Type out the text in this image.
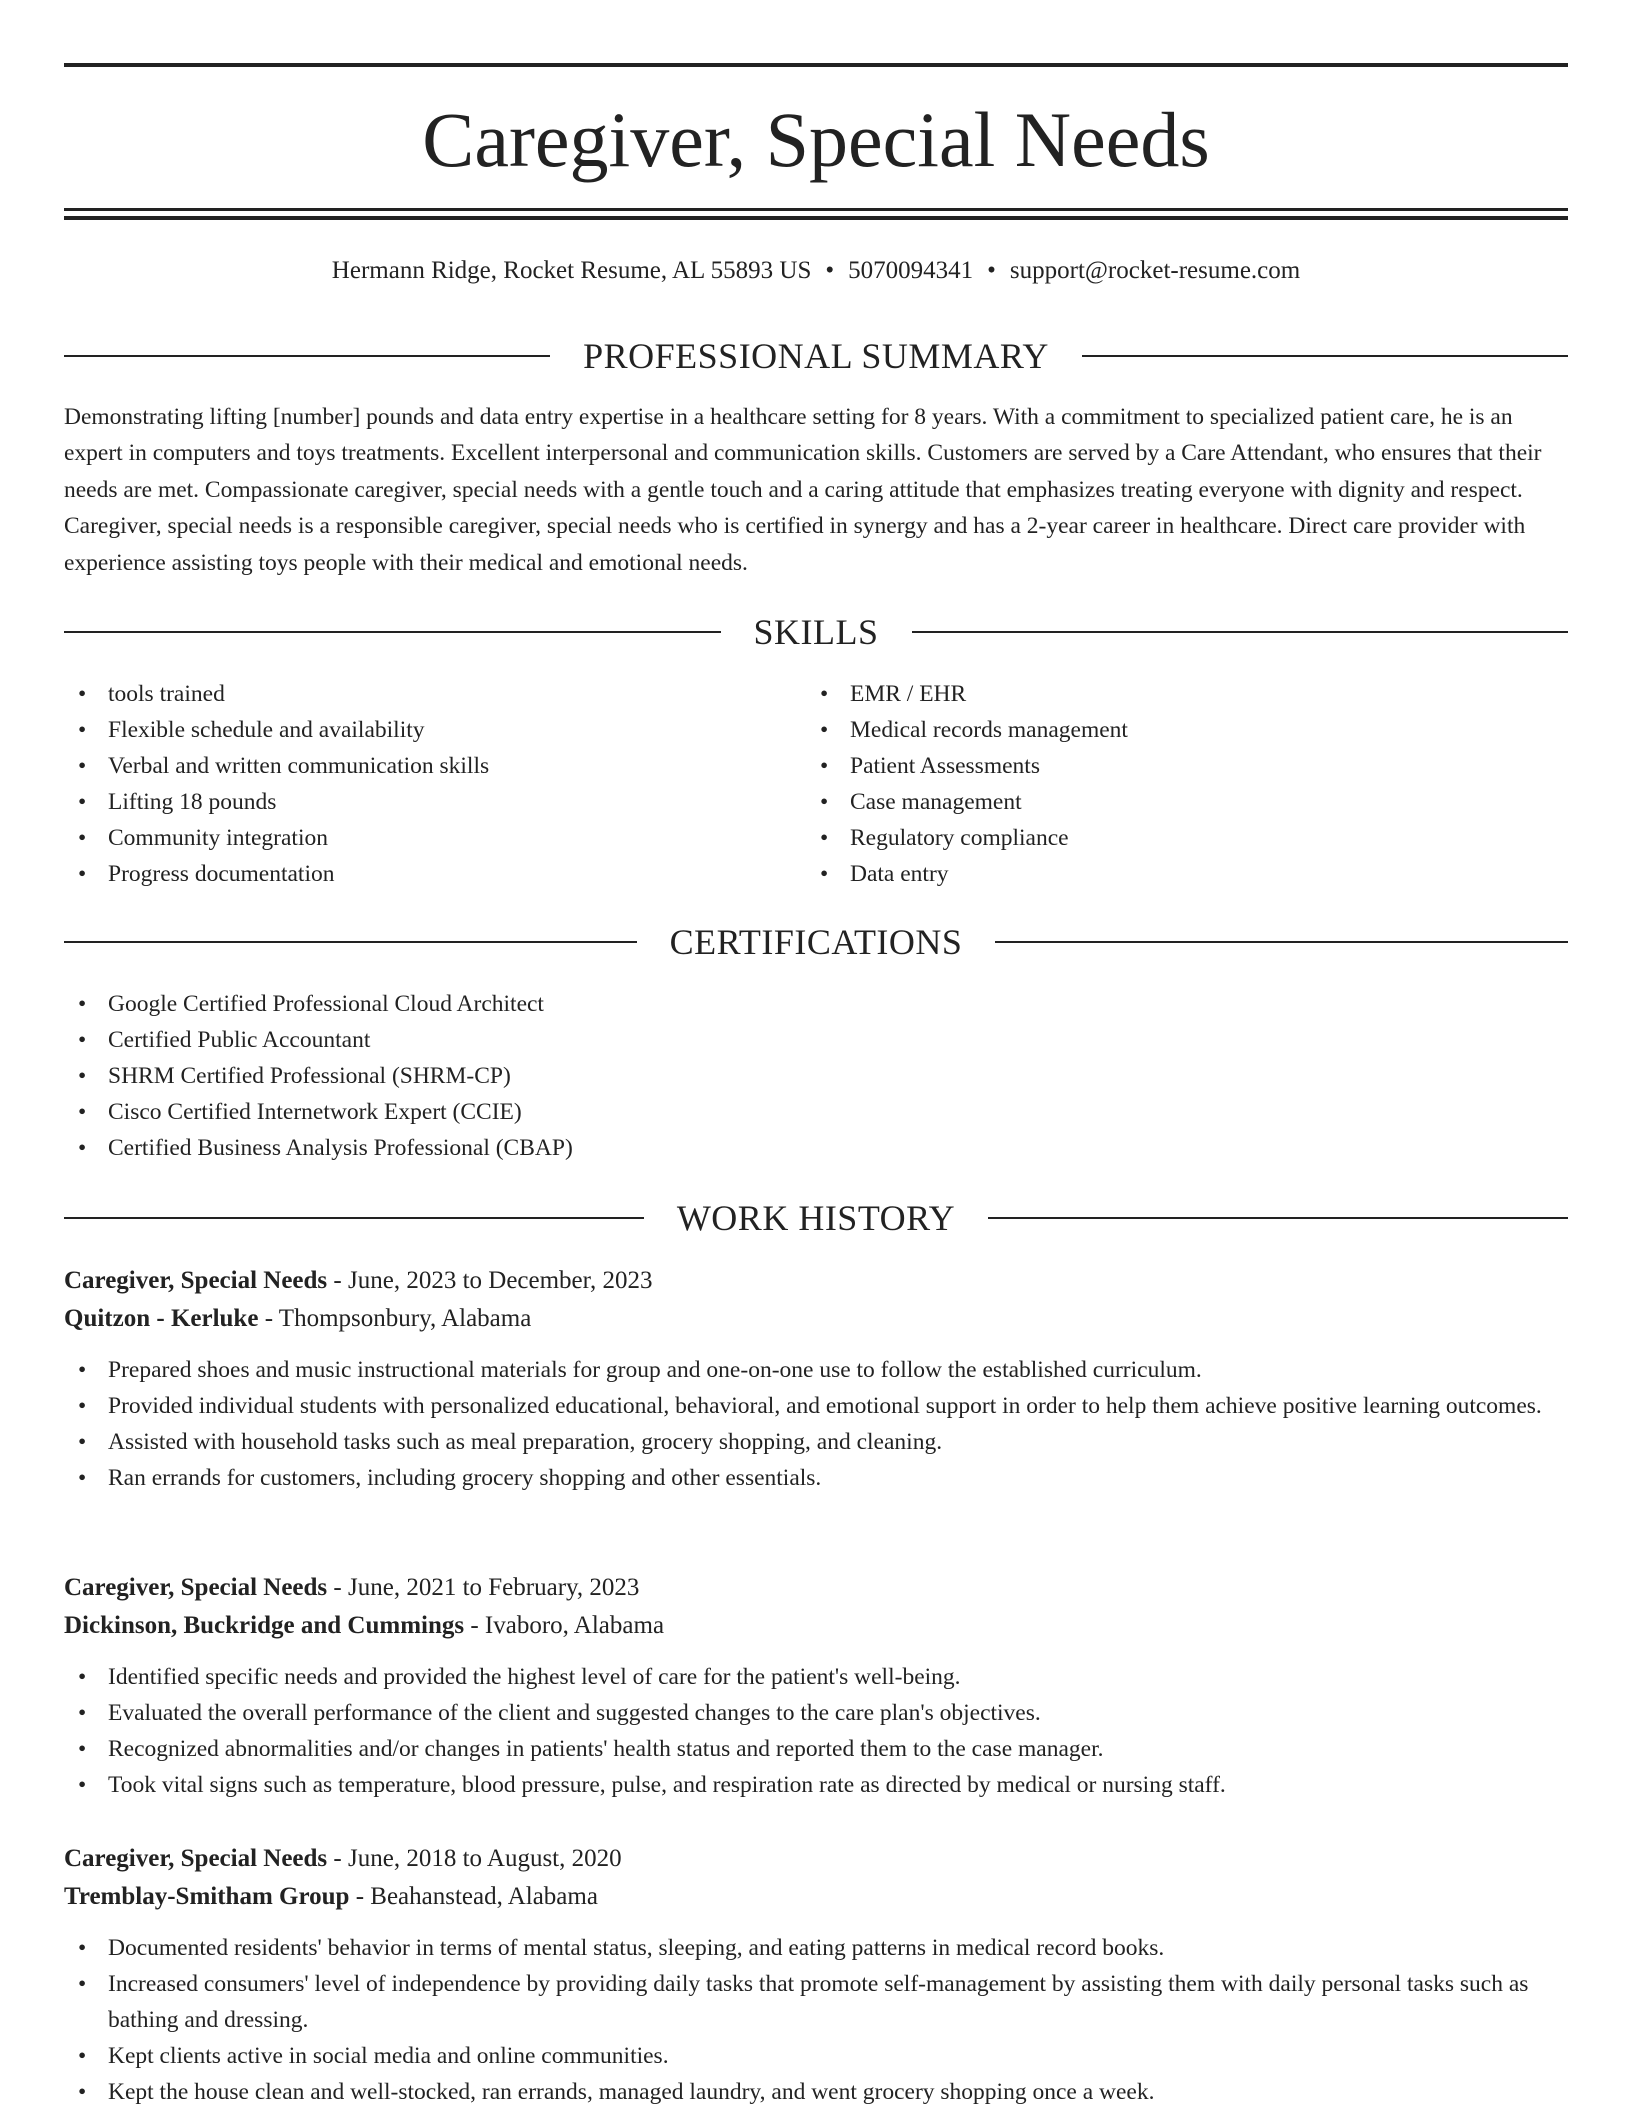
Caregiver, Special Needs
Hermann Ridge, Rocket Resume, AL 55893 US • 5070094341 • support@rocket-resume.com
PROFESSIONAL SUMMARY

Demonstrating lifting [number] pounds and data entry expertise in a healthcare setting for 8 years. With a commitment to specialized patient care, he is an expert in computers and toys treatments. Excellent interpersonal and communication skills. Customers are served by a Care Attendant, who ensures that their needs are met. Compassionate caregiver, special needs with a gentle touch and a caring attitude that emphasizes treating everyone with dignity and respect. Caregiver, special needs is a responsible caregiver, special needs who is certified in synergy and has a 2-year career in healthcare. Direct care provider with experience assisting toys people with their medical and emotional needs.

SKILLS
• tools trained
• Flexible schedule and availability
• Verbal and written communication skills
• Lifting 18 pounds
• Community integration
• Progress documentation
• EMR / EHR
• Medical records management
• Patient Assessments
• Case management
• Regulatory compliance
• Data entry
CERTIFICATIONS
• Google Certified Professional Cloud Architect
• Certified Public Accountant
• SHRM Certified Professional (SHRM-CP)
• Cisco Certified Internetwork Expert (CCIE)
• Certified Business Analysis Professional (CBAP)
WORK HISTORY
Caregiver, Special Needs - June, 2023 to December, 2023
Quitzon - Kerluke - Thompsonbury, Alabama
• Prepared shoes and music instructional materials for group and one-on-one use to follow the established curriculum.
• Provided individual students with personalized educational, behavioral, and emotional support in order to help them achieve positive learning outcomes.
• Assisted with household tasks such as meal preparation, grocery shopping, and cleaning.
• Ran errands for customers, including grocery shopping and other essentials.
Caregiver, Special Needs - June, 2021 to February, 2023
Dickinson, Buckridge and Cummings - Ivaboro, Alabama
• Identified specific needs and provided the highest level of care for the patient's well-being.
• Evaluated the overall performance of the client and suggested changes to the care plan's objectives.
• Recognized abnormalities and/or changes in patients' health status and reported them to the case manager.
• Took vital signs such as temperature, blood pressure, pulse, and respiration rate as directed by medical or nursing staff.
Caregiver, Special Needs - June, 2018 to August, 2020
Tremblay-Smitham Group - Beahanstead, Alabama
• Documented residents' behavior in terms of mental status, sleeping, and eating patterns in medical record books.
• Increased consumers' level of independence by providing daily tasks that promote self-management by assisting them with daily personal tasks such as bathing and dressing.
• Kept clients active in social media and online communities.
• Kept the house clean and well-stocked, ran errands, managed laundry, and went grocery shopping once a week.
